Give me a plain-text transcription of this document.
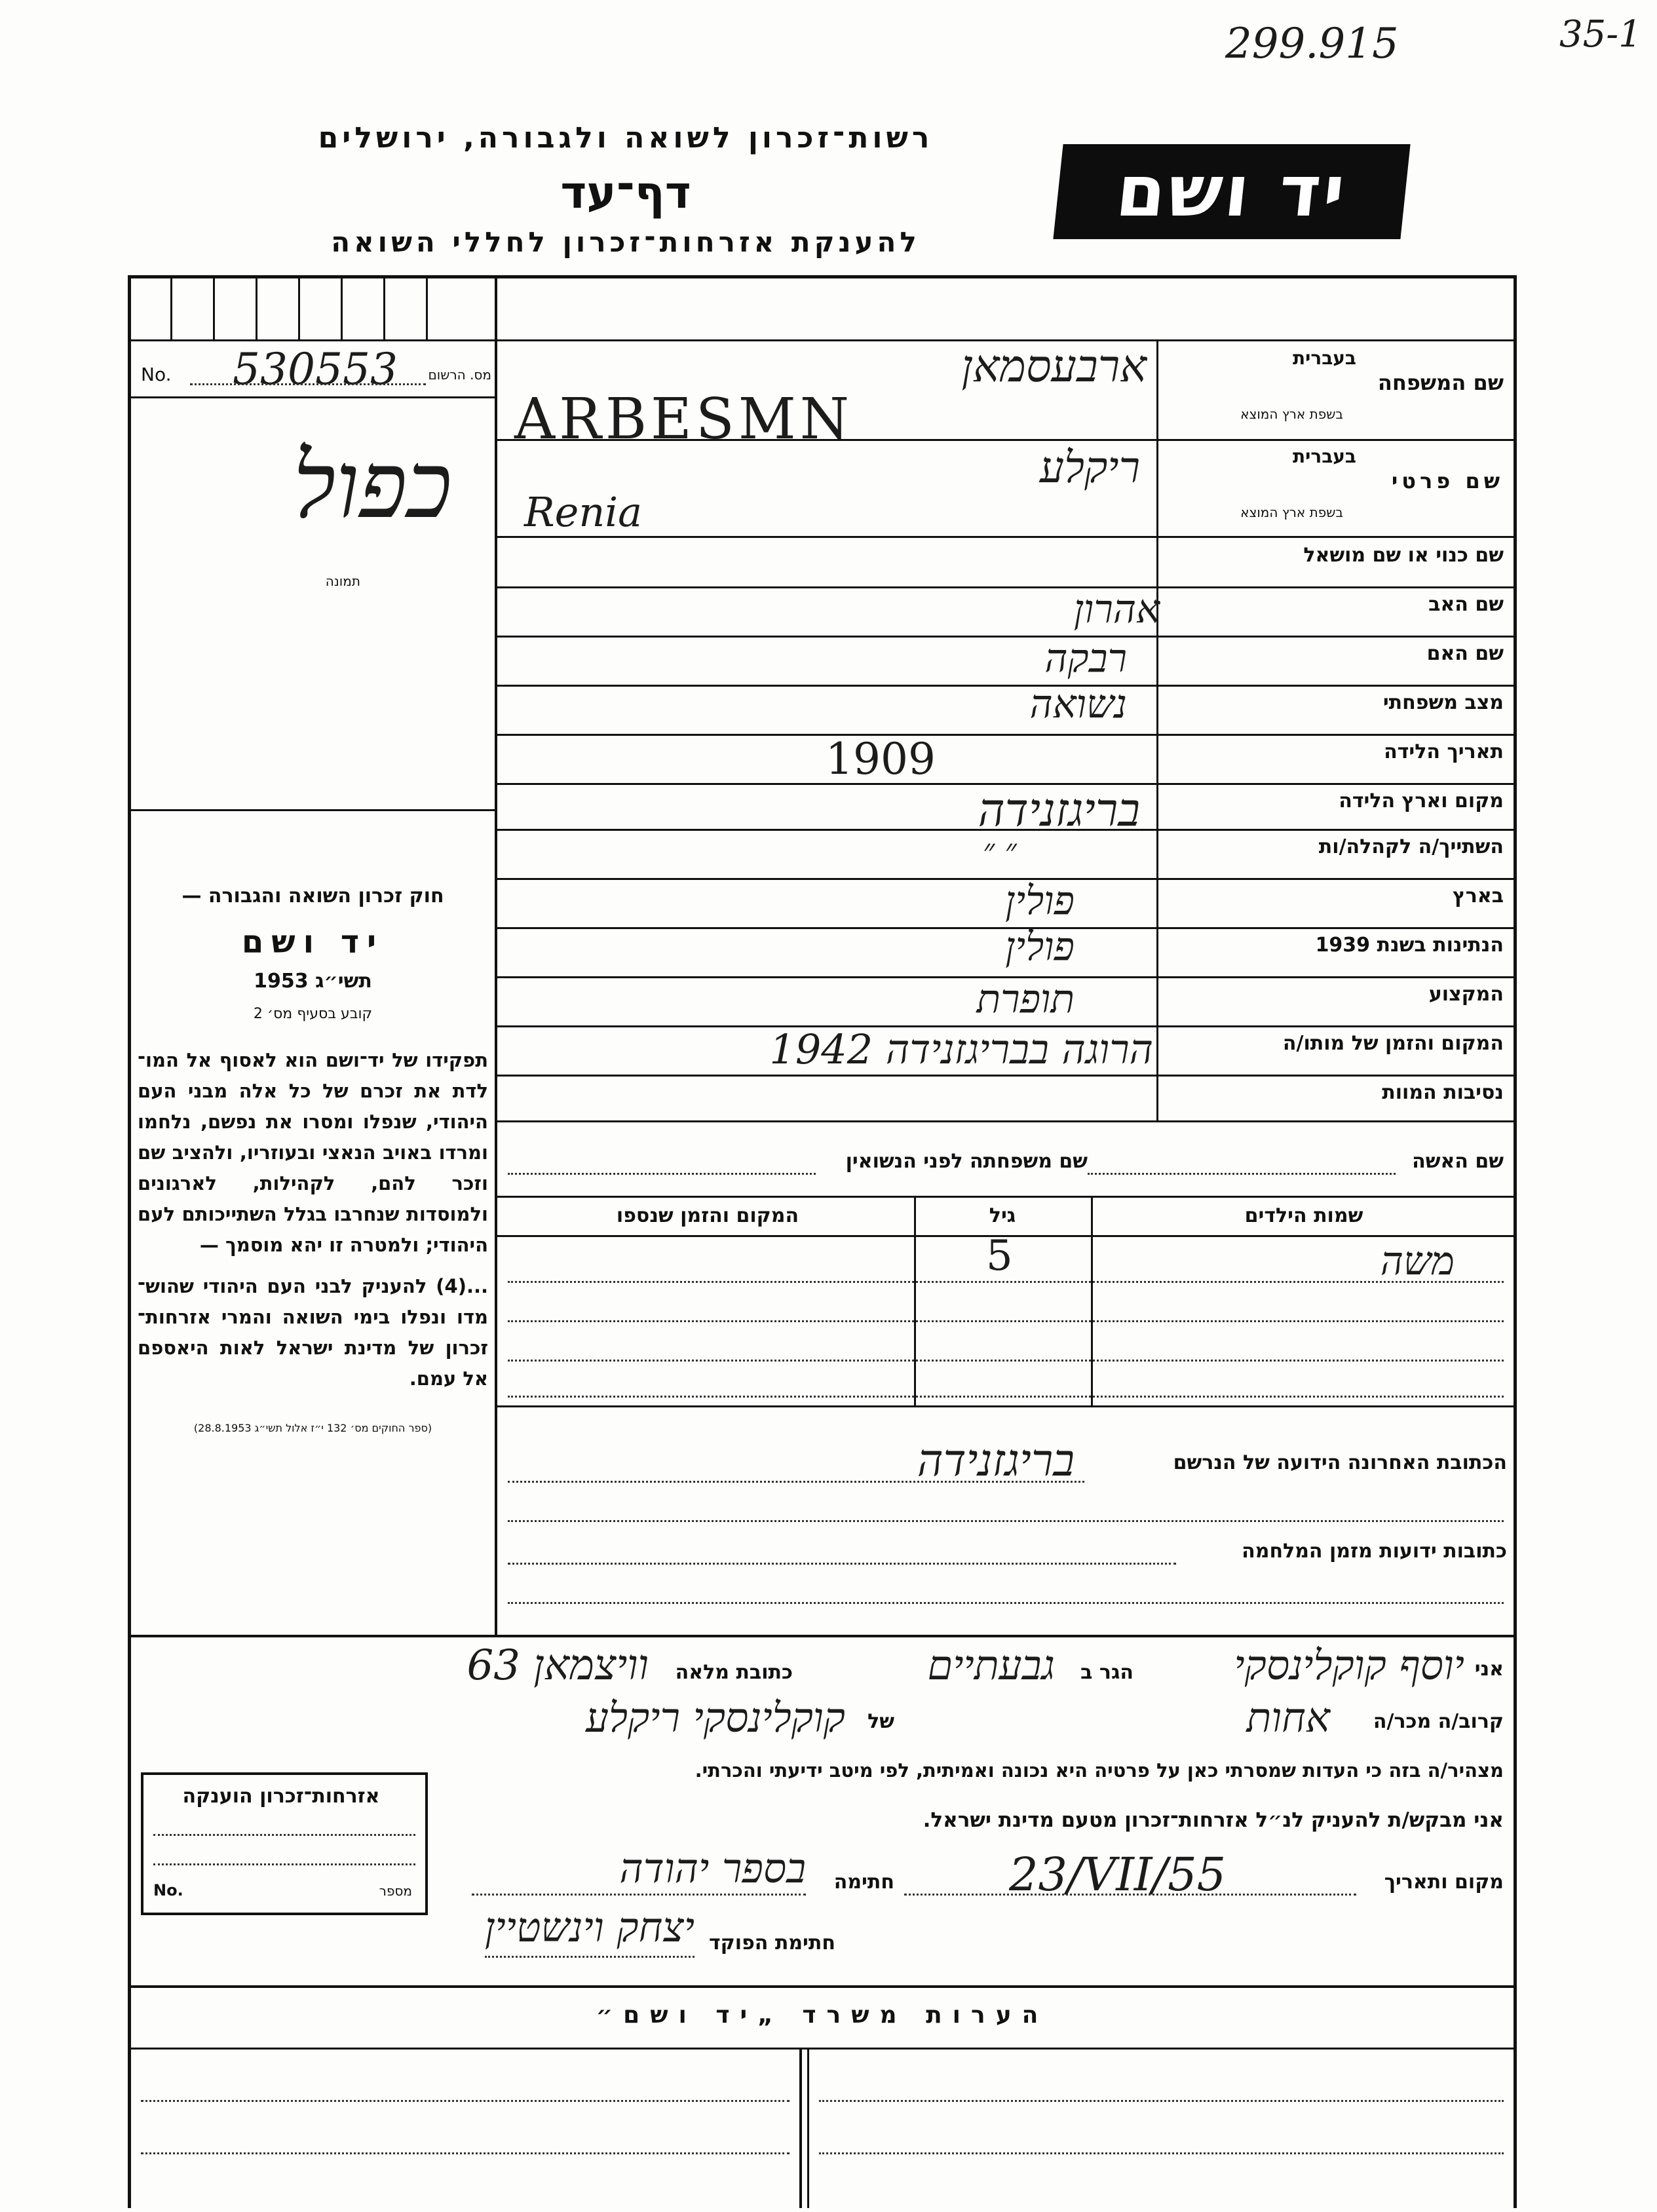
299.915	35-1
רשות־זכרון לשואה ולגבורה, ירושלים
דף־עד
להענקת אזרחות־זכרון לחללי השואה
יד ושם
No. 530553 מס. הרשום
כפול
תמונה
חוק זכרון השואה והגבורה —
יד ושם
תשי״ג 1953
קובע בסעיף מס׳ 2
תפקידו של יד־ושם הוא לאסוף אל המו־ לדת את זכרם של כל אלה מבני העם היהודי, שנפלו ומסרו את נפשם, נלחמו ומרדו באויב הנאצי ובעוזריו, ולהציב שם וזכר להם, לקהילות, לארגונים ולמוסדות שנחרבו בגלל השתייכותם לעם היהודי; ולמטרה זו יהא מוסמך —
...(4) להעניק לבני העם היהודי שהוש־ מדו ונפלו בימי השואה והמרי אזרחות־ זכרון של מדינת ישראל לאות היאספם אל עמם.
(ספר החוקים מס׳ 132 י״ז אלול תשי״ג 28.8.1953)
בעברית
שם המשפחה
בשפת ארץ המוצא
ארבעסמאן
ARBESMN
בעברית
שם פרטי
בשפת ארץ המוצא
ריקלע
Renia
שם כנוי או שם מושאל
שם האב
אהרון
שם האם
רבקה
מצב משפחתי
נשואה
תאריך הלידה
1909
מקום וארץ הלידה
בריגזנידה
השתייך/ה לקהלה/ות
״ ״
בארץ
פולין
הנתינות בשנת 1939
פולין
המקצוע
תופרת
המקום והזמן של מותו/ה
הרוגה בבריגזנידה 1942
נסיבות המוות
שם האשה
שם משפחתה לפני הנשואין
שמות הילדים
גיל
המקום והזמן שנספו
משה
5
הכתובת האחרונה הידועה של הנרשם
בריגזנידה
כתובות ידועות מזמן המלחמה
אני
יוסף קוקלינסקי
הגר ב
גבעתיים
כתובת מלאה
וויצמאן 63
קרוב/ה מכר/ה
אחות
של
קוקלינסקי ריקלע
מצהיר/ה בזה כי העדות שמסרתי כאן על פרטיה היא נכונה ואמיתית, לפי מיטב ידיעתי והכרתי.
אני מבקש/ת להעניק לנ״ל אזרחות־זכרון מטעם מדינת ישראל.
מקום ותאריך
23/VII/55
חתימה
בספר יהודה
חתימת הפוקד
יצחק וינשטיין
אזרחות־זכרון הוענקה
No.	מספר
הערות משרד „יד ושם״
